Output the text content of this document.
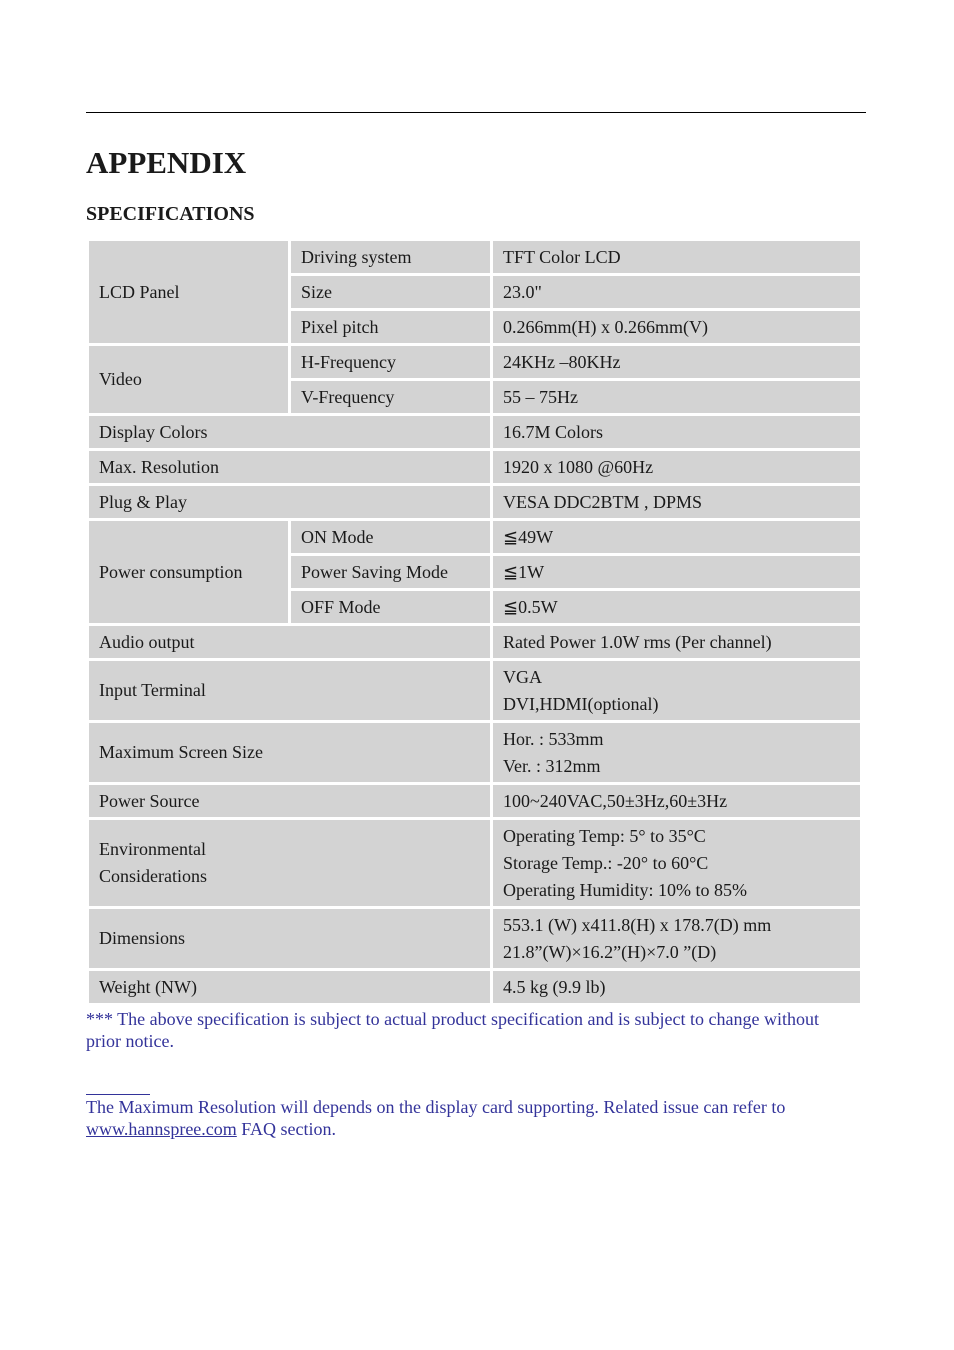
APPENDIX
SPECIFICATIONS
LCD Panel	Driving system	TFT Color LCD
	Size	23.0"
	Pixel pitch	0.266mm(H) x 0.266mm(V)
Video	H-Frequency	24KHz –80KHz
	V-Frequency	55 – 75Hz
Display Colors		16.7M Colors
Max. Resolution		1920 x 1080 @60Hz
Plug & Play		VESA DDC2BTM , DPMS
Power consumption	ON Mode	≦49W
	Power Saving Mode	≦1W
	OFF Mode	≦0.5W
Audio output		Rated Power 1.0W rms (Per channel)
Input Terminal		VGA
DVI,HDMI(optional)
Maximum Screen Size		Hor. : 533mm
Ver. : 312mm
Power Source		100~240VAC,50±3Hz,60±3Hz
Environmental
Considerations		Operating Temp: 5° to 35°C
Storage Temp.: -20° to 60°C
Operating Humidity: 10% to 85%
Dimensions		553.1 (W) x411.8(H) x 178.7(D) mm
21.8”(W)×16.2”(H)×7.0 ”(D)
Weight (NW)		4.5 kg (9.9 lb)

*** The above specification is subject to actual product specification and is subject to change without prior notice.

The Maximum Resolution will depends on the display card supporting. Related issue can refer to
www.hannspree.com FAQ section.
